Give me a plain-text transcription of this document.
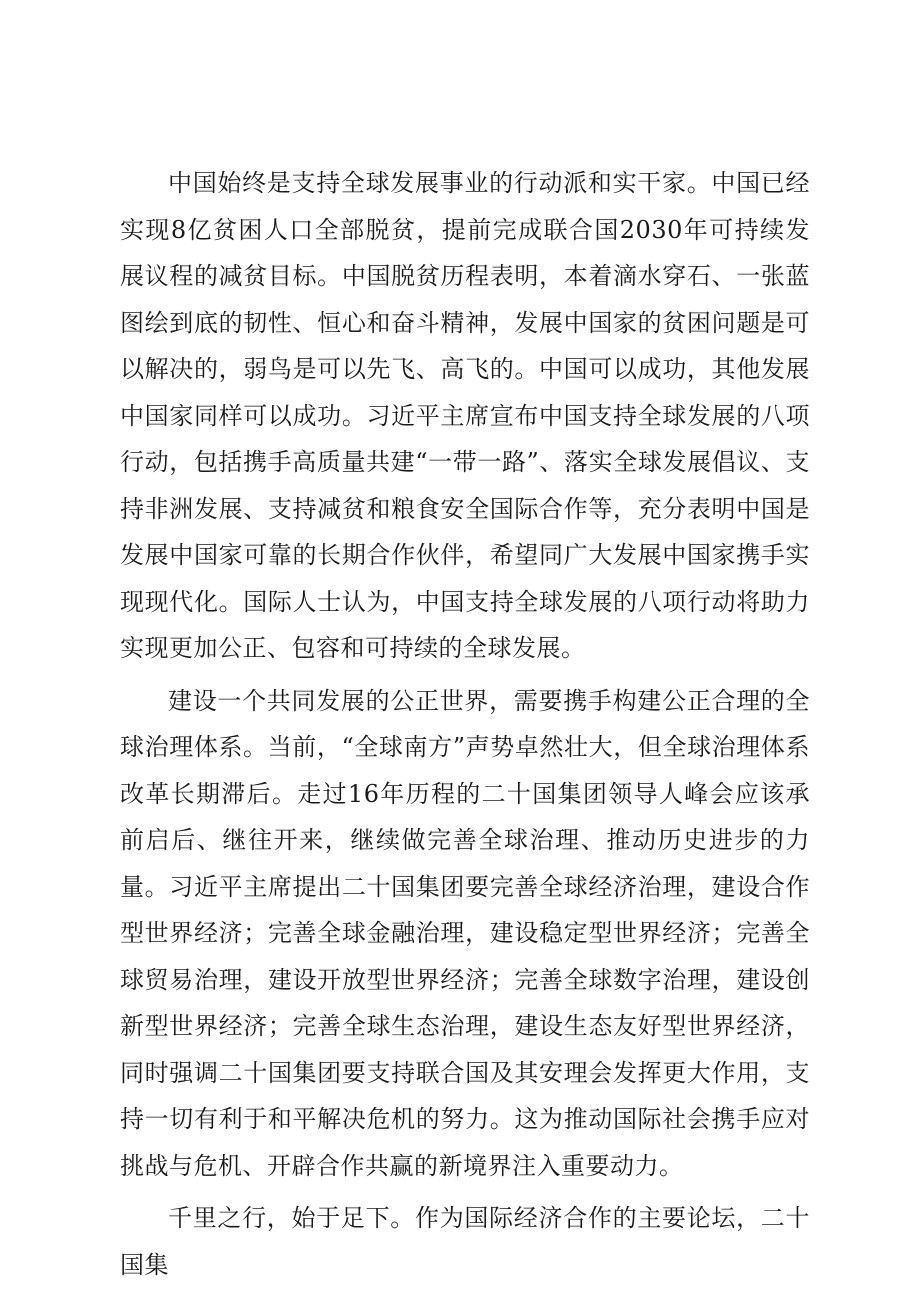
中国始终是支持全球发展事业的行动派和实干家。中国已经实现8亿贫困人口全部脱贫，提前完成联合国2030年可持续发展议程的减贫目标。中国脱贫历程表明，本着滴水穿石、一张蓝图绘到底的韧性、恒心和奋斗精神，发展中国家的贫困问题是可以解决的，弱鸟是可以先飞、高飞的。中国可以成功，其他发展中国家同样可以成功。习近平主席宣布中国支持全球发展的八项行动，包括携手高质量共建“一带一路”、落实全球发展倡议、支持非洲发展、支持减贫和粮食安全国际合作等，充分表明中国是发展中国家可靠的长期合作伙伴，希望同广大发展中国家携手实现现代化。国际人士认为，中国支持全球发展的八项行动将助力实现更加公正、包容和可持续的全球发展。

建设一个共同发展的公正世界，需要携手构建公正合理的全球治理体系。当前，“全球南方”声势卓然壮大，但全球治理体系改革长期滞后。走过16年历程的二十国集团领导人峰会应该承前启后、继往开来，继续做完善全球治理、推动历史进步的力量。习近平主席提出二十国集团要完善全球经济治理，建设合作型世界经济；完善全球金融治理，建设稳定型世界经济；完善全球贸易治理，建设开放型世界经济；完善全球数字治理，建设创新型世界经济；完善全球生态治理，建设生态友好型世界经济，同时强调二十国集团要支持联合国及其安理会发挥更大作用，支持一切有利于和平解决危机的努力。这为推动国际社会携手应对挑战与危机、开辟合作共赢的新境界注入重要动力。

千里之行，始于足下。作为国际经济合作的主要论坛，二十国集
